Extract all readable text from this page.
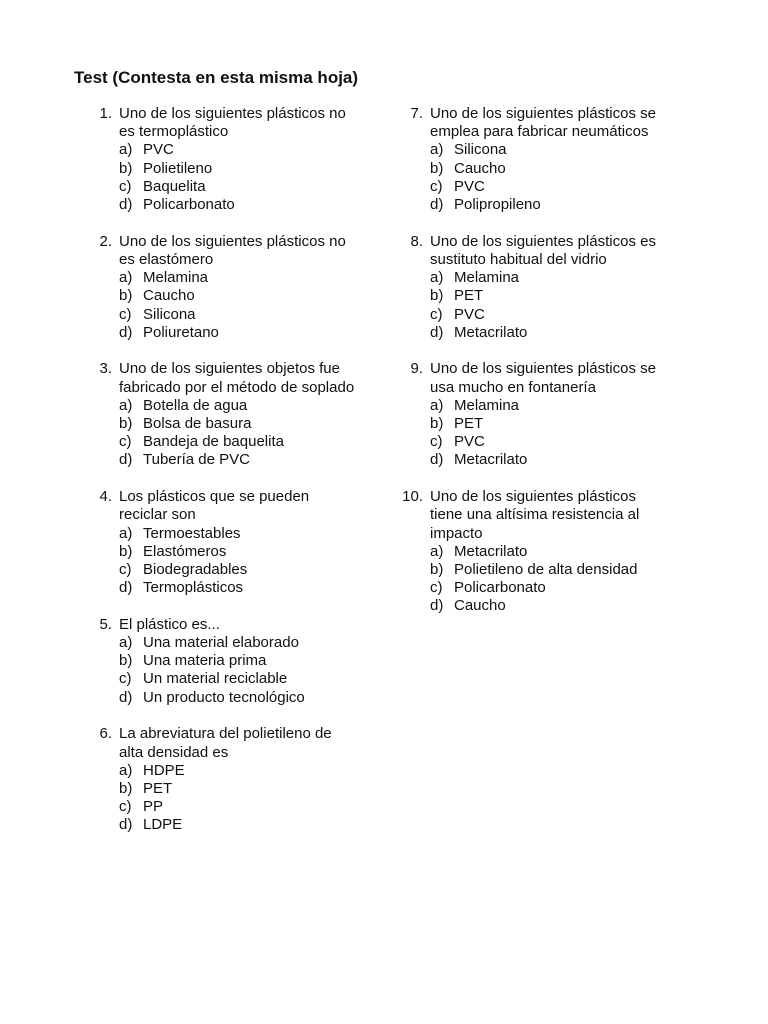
Test (Contesta en esta misma hoja)
1. Uno de los siguientes plásticos no
es termoplástico
a) PVC
b) Polietileno
c) Baquelita
d) Policarbonato
2. Uno de los siguientes plásticos no
es elastómero
a) Melamina
b) Caucho
c) Silicona
d) Poliuretano
3. Uno de los siguientes objetos fue
fabricado por el método de soplado
a) Botella de agua
b) Bolsa de basura
c) Bandeja de baquelita
d) Tubería de PVC
4. Los plásticos que se pueden
reciclar son
a) Termoestables
b) Elastómeros
c) Biodegradables
d) Termoplásticos
5. El plástico es...
a) Una material elaborado
b) Una materia prima
c) Un material reciclable
d) Un producto tecnológico
6. La abreviatura del polietileno de
alta densidad es
a) HDPE
b) PET
c) PP
d) LDPE
7. Uno de los siguientes plásticos se
emplea para fabricar neumáticos
a) Silicona
b) Caucho
c) PVC
d) Polipropileno
8. Uno de los siguientes plásticos es
sustituto habitual del vidrio
a) Melamina
b) PET
c) PVC
d) Metacrilato
9. Uno de los siguientes plásticos se
usa mucho en fontanería
a) Melamina
b) PET
c) PVC
d) Metacrilato
10. Uno de los siguientes plásticos
tiene una altísima resistencia al
impacto
a) Metacrilato
b) Polietileno de alta densidad
c) Policarbonato
d) Caucho
